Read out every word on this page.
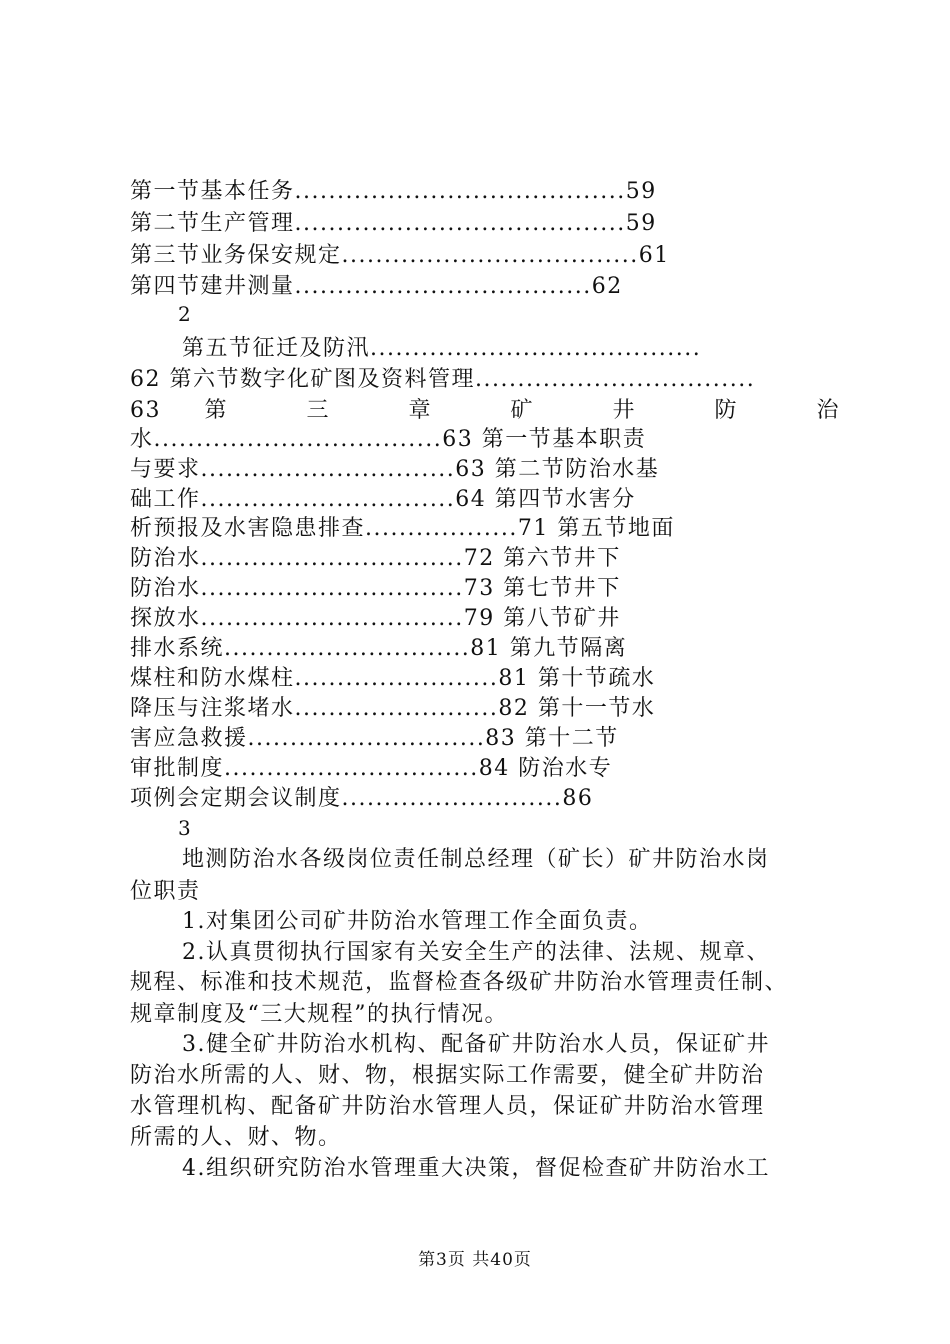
第一节基本任务.......................................59
第二节生产管理.......................................59
第三节业务保安规定...................................61
第四节建井测量...................................62
2
第五节征迁及防汛.......................................
62 第六节数字化矿图及资料管理.................................
63 第 三 章 矿 井 防 治
水..................................63 第一节基本职责
与要求..............................63 第二节防治水基
础工作..............................64 第四节水害分
析预报及水害隐患排查..................71 第五节地面
防治水...............................72 第六节井下
防治水...............................73 第七节井下
探放水...............................79 第八节矿井
排水系统.............................81 第九节隔离
煤柱和防水煤柱........................81 第十节疏水
降压与注浆堵水........................82 第十一节水
害应急救援............................83 第十二节
审批制度..............................84 防治水专
项例会定期会议制度..........................86
3
地测防治水各级岗位责任制总经理（矿长）矿井防治水岗
位职责
1.对集团公司矿井防治水管理工作全面负责。
2.认真贯彻执行国家有关安全生产的法律、法规、规章、
规程、标准和技术规范，监督检查各级矿井防治水管理责任制、
规章制度及“三大规程”的执行情况。
3.健全矿井防治水机构、配备矿井防治水人员，保证矿井
防治水所需的人、财、物，根据实际工作需要，健全矿井防治
水管理机构、配备矿井防治水管理人员，保证矿井防治水管理
所需的人、财、物。
4.组织研究防治水管理重大决策，督促检查矿井防治水工
第3页 共40页
